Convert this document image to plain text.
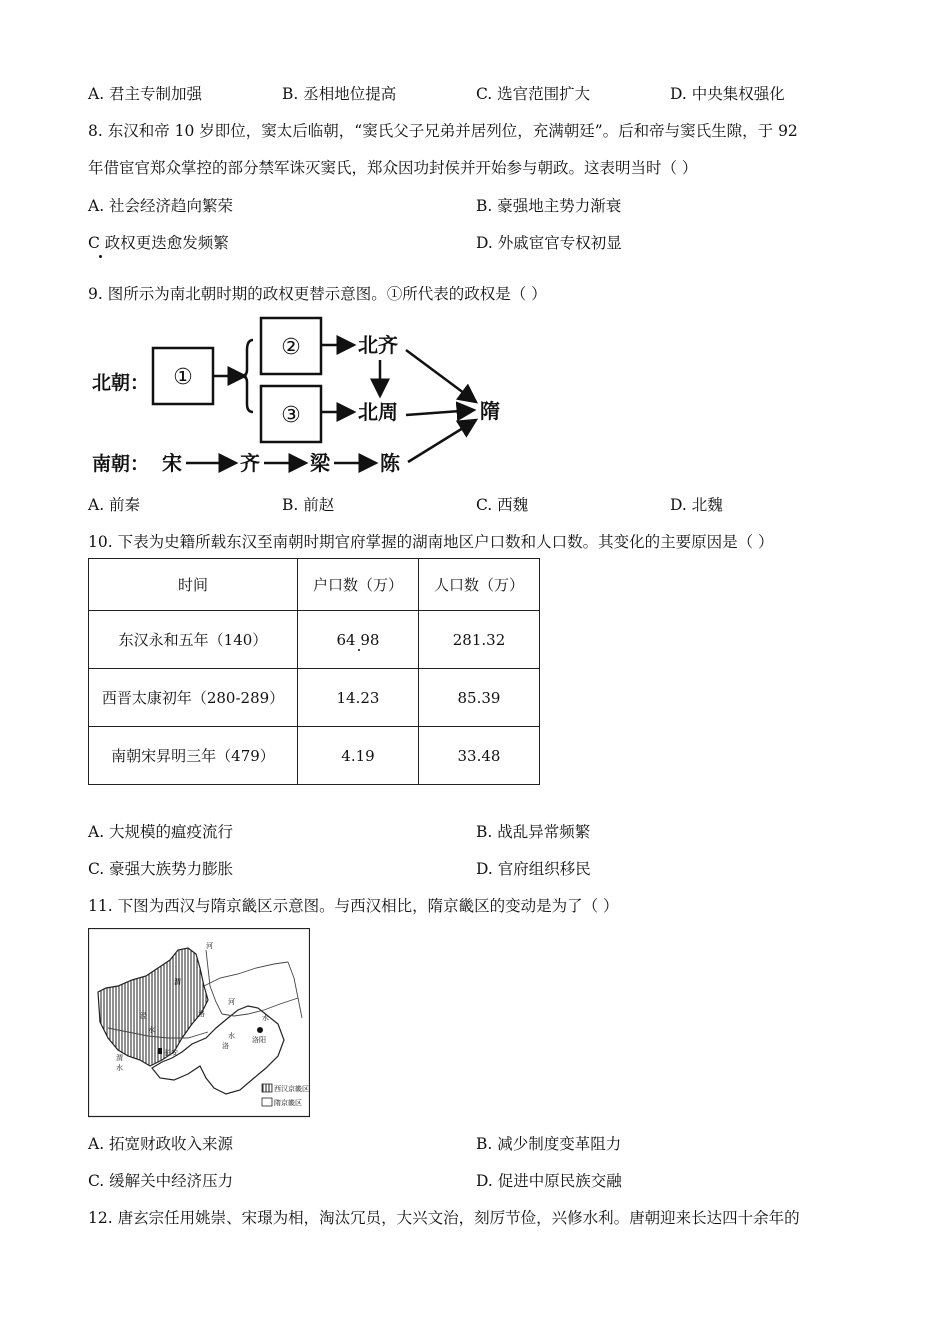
A. 君主专制加强	B. 丞相地位提高	C. 选官范围扩大	D. 中央集权强化
8. 东汉和帝 10 岁即位，窦太后临朝，“窦氏父子兄弟并居列位，充满朝廷”。后和帝与窦氏生隙，于 92
年借宦官郑众掌控的部分禁军诛灭窦氏，郑众因功封侯并开始参与朝政。这表明当时（ ）
A. 社会经济趋向繁荣	B. 豪强地主势力渐衰
C 政权更迭愈发频繁	D. 外戚宦官专权初显
9. 图所示为南北朝时期的政权更替示意图。①所代表的政权是（ ）
北朝：
南朝：
①
②
③
北齐
北周	隋
宋	齐	梁	陈
A. 前秦	B. 前赵	C. 西魏	D. 北魏
10. 下表为史籍所载东汉至南朝时期官府掌握的湖南地区户口数和人口数。其变化的主要原因是（ ）
时间	户口数（万）	人口数（万）
东汉永和五年（140）	64 98	281.32
西晋太康初年（280-289）	14.23	85.39
南朝宋昇明三年（479）	4.19	33.48
A. 大规模的瘟疫流行	B. 战乱异常频繁
C. 豪强大族势力膨胀	D. 官府组织移民
11. 下图为西汉与隋京畿区示意图。与西汉相比，隋京畿区的变动是为了（ ）
河
渭
泾
水
洛
渭
水
长安
河
水
洛
水 洛阳
西汉京畿区
隋京畿区
A. 拓宽财政收入来源	B. 减少制度变革阻力
C. 缓解关中经济压力	D. 促进中原民族交融
12. 唐玄宗任用姚崇、宋璟为相，淘汰冗员，大兴文治，刻厉节俭，兴修水利。唐朝迎来长达四十余年的
